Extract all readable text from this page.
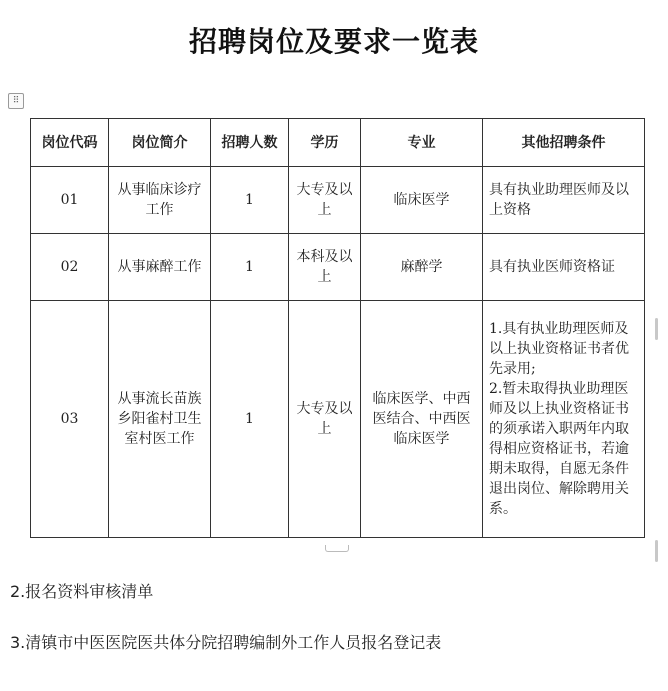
招聘岗位及要求一览表
⠿
岗位代码	岗位简介	招聘人数	学历	专业	其他招聘条件
01	从事临床诊疗工作	1	大专及以上	临床医学	具有执业助理医师及以上资格
02	从事麻醉工作	1	本科及以上	麻醉学	具有执业医师资格证
03	从事流长苗族乡阳雀村卫生室村医工作	1	大专及以上	临床医学、中西医结合、中西医临床医学	1.具有执业助理医师及以上执业资格证书者优先录用;
2.暂未取得执业助理医师及以上执业资格证书的须承诺入职两年内取得相应资格证书，若逾期未取得，自愿无条件退出岗位、解除聘用关系。
2.报名资料审核清单
3.清镇市中医医院医共体分院招聘编制外工作人员报名登记表
